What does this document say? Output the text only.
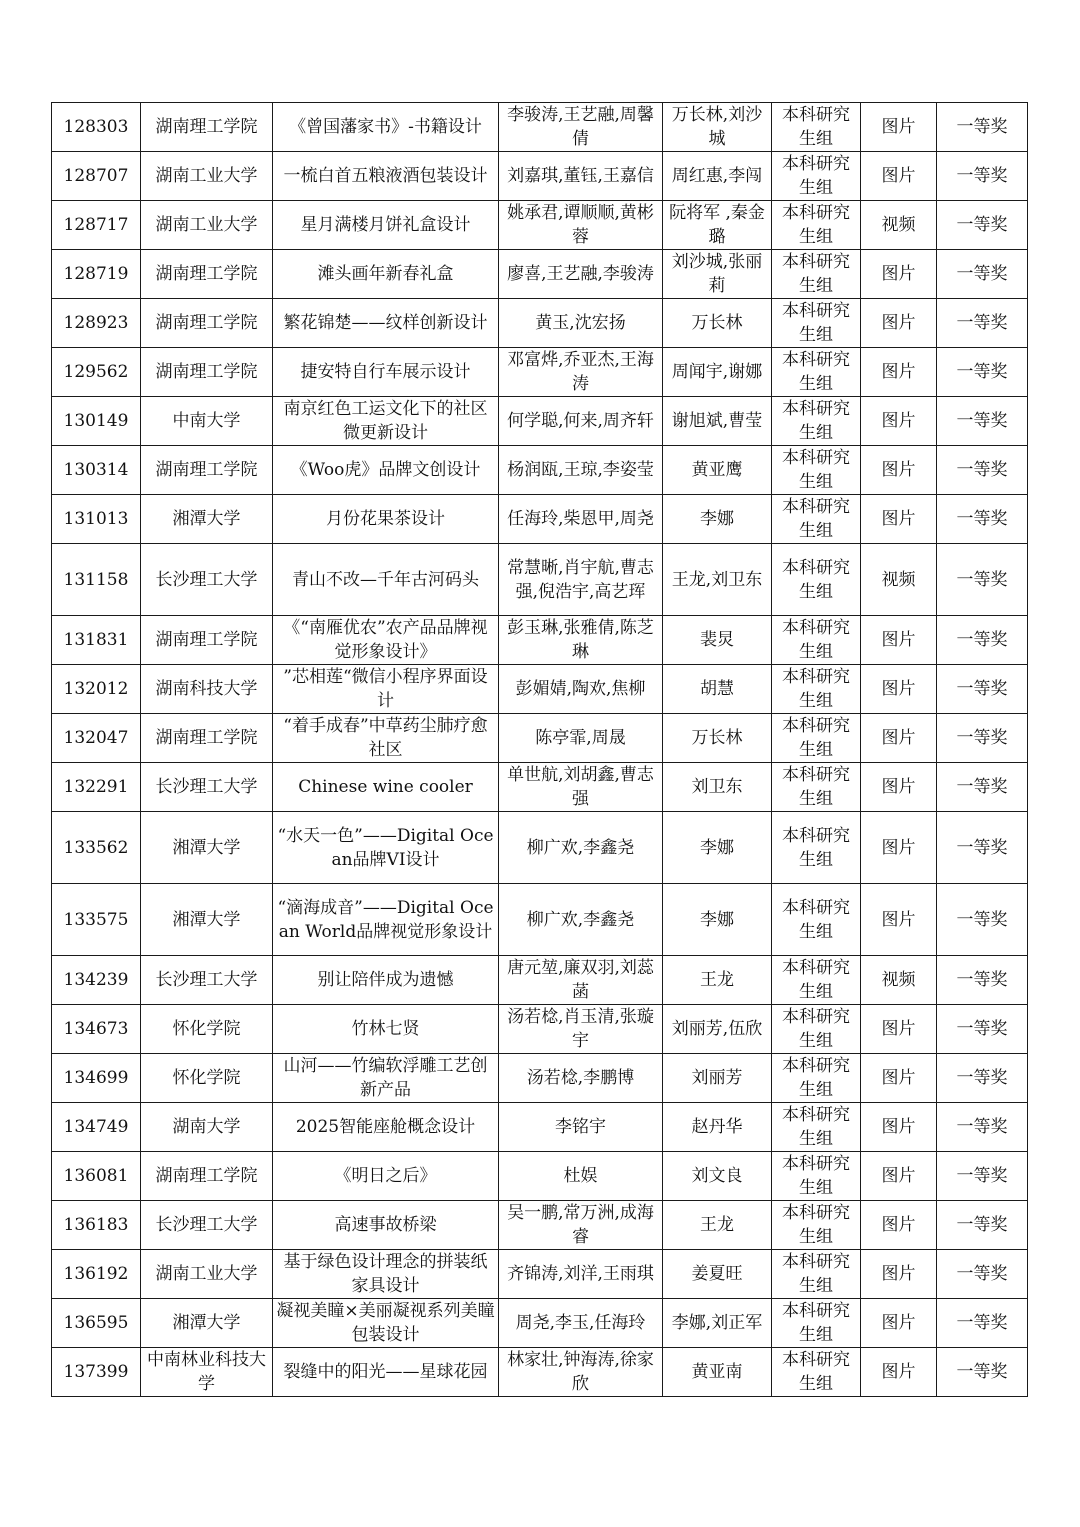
128303	湖南理工学院	《曾国藩家书》-书籍设计	李骏涛,王艺融,周馨倩	万长林,刘沙城	本科研究生组	图片	一等奖
128707	湖南工业大学	一梳白首五粮液酒包装设计	刘嘉琪,董钰,王嘉信	周红惠,李闯	本科研究生组	图片	一等奖
128717	湖南工业大学	星月满楼月饼礼盒设计	姚承君,谭顺顺,黄彬蓉	阮将军 ,秦金璐	本科研究生组	视频	一等奖
128719	湖南理工学院	滩头画年新春礼盒	廖喜,王艺融,李骏涛	刘沙城,张丽莉	本科研究生组	图片	一等奖
128923	湖南理工学院	繁花锦楚——纹样创新设计	黄玉,沈宏扬	万长林	本科研究生组	图片	一等奖
129562	湖南理工学院	捷安特自行车展示设计	邓富烨,乔亚杰,王海涛	周闻宇,谢娜	本科研究生组	图片	一等奖
130149	中南大学	南京红色工运文化下的社区微更新设计	何学聪,何来,周齐轩	谢旭斌,曹莹	本科研究生组	图片	一等奖
130314	湖南理工学院	《Woo虎》品牌文创设计	杨润瓯,王琼,李姿莹	黄亚鹰	本科研究生组	图片	一等奖
131013	湘潭大学	月份花果茶设计	任海玲,柴恩甲,周尧	李娜	本科研究生组	图片	一等奖
131158	长沙理工大学	青山不改—千年古河码头	常慧晰,肖宇航,曹志强,倪浩宇,高艺珲	王龙,刘卫东	本科研究生组	视频	一等奖
131831	湖南理工学院	《“南雁优农”农产品品牌视觉形象设计》	彭玉琳,张雅倩,陈芝琳	裴炅	本科研究生组	图片	一等奖
132012	湖南科技大学	”芯相莲“微信小程序界面设计	彭媚婧,陶欢,焦柳	胡慧	本科研究生组	图片	一等奖
132047	湖南理工学院	“着手成春”中草药尘肺疗愈社区	陈亭霏,周晟	万长林	本科研究生组	图片	一等奖
132291	长沙理工大学	Chinese wine cooler	单世航,刘胡鑫,曹志强	刘卫东	本科研究生组	图片	一等奖
133562	湘潭大学	“水天一色”——Digital Ocean品牌VI设计	柳广欢,李鑫尧	李娜	本科研究生组	图片	一等奖
133575	湘潭大学	“滴海成音”——Digital Ocean World品牌视觉形象设计	柳广欢,李鑫尧	李娜	本科研究生组	图片	一等奖
134239	长沙理工大学	别让陪伴成为遗憾	唐元堃,廉双羽,刘蕊菡	王龙	本科研究生组	视频	一等奖
134673	怀化学院	竹林七贤	汤若棯,肖玉清,张璇宇	刘丽芳,伍欣	本科研究生组	图片	一等奖
134699	怀化学院	山河——竹编软浮雕工艺创新产品	汤若棯,李鹏博	刘丽芳	本科研究生组	图片	一等奖
134749	湖南大学	2025智能座舱概念设计	李铭宇	赵丹华	本科研究生组	图片	一等奖
136081	湖南理工学院	《明日之后》	杜娱	刘文良	本科研究生组	图片	一等奖
136183	长沙理工大学	高速事故桥梁	吴一鹏,常万洲,成海睿	王龙	本科研究生组	图片	一等奖
136192	湖南工业大学	基于绿色设计理念的拼装纸家具设计	齐锦涛,刘洋,王雨琪	姜夏旺	本科研究生组	图片	一等奖
136595	湘潭大学	凝视美瞳×美丽凝视系列美瞳包装设计	周尧,李玉,任海玲	李娜,刘正军	本科研究生组	图片	一等奖
137399	中南林业科技大学	裂缝中的阳光——星球花园	林家壮,钟海涛,徐家欣	黄亚南	本科研究生组	图片	一等奖
